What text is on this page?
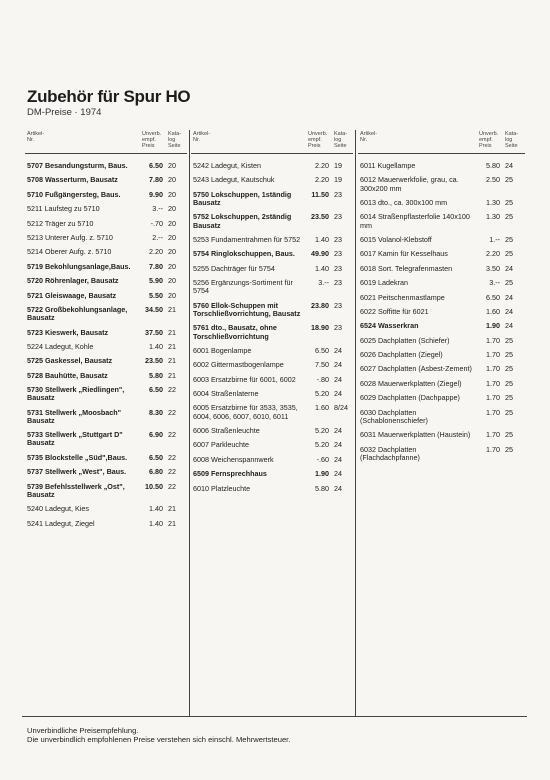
Zubehör für Spur HO
DM-Preise · 1974
Artikel-
Nr.
Unverb.
empf.
Preis
Kata-
log
Seite
5707 Besandungsturm, Baus.	6.50 20
5708 Wasserturm, Bausatz	7.80 20
5710 Fußgängersteg, Baus.	9.90 20
5211 Laufsteg zu 5710	3.-- 20
5212 Träger zu 5710	-.70 20
5213 Unterer Aufg. z. 5710	2.-- 20
5214 Oberer Aufg. z. 5710	2.20 20
5719 Bekohlungsanlage,Baus.	7.80 20
5720 Röhrenlager, Bausatz	5.90 20
5721 Gleiswaage, Bausatz	5.50 20
5722 Großbekohlungsanlage, Bausatz
34.50 21
5723 Kieswerk, Bausatz	37.50 21
5224 Ladegut, Kohle	1.40 21
5725 Gaskessel, Bausatz	23.50 21
5728 Bauhütte, Bausatz	5.80 21
5730 Stellwerk „Riedlingen", Bausatz
6.50 22
5731 Stellwerk „Moosbach" Bausatz
8.30 22
5733 Stellwerk „Stuttgart D" Bausatz
6.90 22
5735 Blockstelle „Süd",Baus.	6.50 22
5737 Stellwerk „West", Baus.	6.80 22
5739 Befehlsstellwerk „Ost", Bausatz
10.50 22
5240 Ladegut, Kies	1.40 21
5241 Ladegut, Ziegel	1.40 21
Artikel-
Nr.
Unverb.
empf.
Preis
Kata-
log
Seite
5242 Ladegut, Kisten	2.20 19
5243 Ladegut, Kautschuk	2.20 19
5750 Lokschuppen, 1ständig Bausatz
11.50 23
5752 Lokschuppen, 2ständig Bausatz
23.50 23
5253 Fundamentrahmen für 5752	1.40 23
5754 Ringlokschuppen, Baus.	49.90 23
5255 Dachträger für 5754	1.40 23
5256 Ergänzungs-Sortiment für 5754
3.-- 23
5760 Ellok-Schuppen mit Torschließvorrichtung, Bausatz
23.80 23
5761 dto., Bausatz, ohne Torschließvorrichtung
18.90 23
6001 Bogenlampe	6.50 24
6002 Gittermastbogenlampe	7.50 24
6003 Ersatzbirne für 6001, 6002	-.80 24
6004 Straßenlaterne	5.20 24
6005 Ersatzbirne für 3533, 3535, 6004, 6006, 6007, 6010, 6011
1.60 8/24
6006 Straßenleuchte	5.20 24
6007 Parkleuchte	5.20 24
6008 Weichenspannwerk	-.60 24
6509 Fernsprechhaus	1.90 24
6010 Platzleuchte	5.80 24
Artikel-
Nr.
Unverb.
empf.
Preis
Kata-
log
Seite
6011 Kugellampe	5.80 24
6012 Mauerwerkfolie, grau, ca. 300x200 mm
2.50 25
6013 dto., ca. 300x100 mm	1.30 25
6014 Straßenpflasterfolie 140x100 mm
1.30 25
6015 Volanol-Klebstoff	1.-- 25
6017 Kamin für Kesselhaus	2.20 25
6018 Sort. Telegrafenmasten	3.50 24
6019 Ladekran	3.-- 25
6021 Peitschenmastlampe	6.50 24
6022 Soffitte für 6021	1.60 24
6524 Wasserkran	1.90 24
6025 Dachplatten (Schiefer)	1.70 25
6026 Dachplatten (Ziegel)	1.70 25
6027 Dachplatten (Asbest-Zement)	1.70 25
6028 Mauerwerkplatten (Ziegel)	1.70 25
6029 Dachplatten (Dachpappe)	1.70 25
6030 Dachplatten (Schablonenschiefer)
1.70 25
6031 Mauerwerkplatten (Haustein)	1.70 25
6032 Dachplatten (Flachdachpfanne)
1.70 25
Unverbindliche Preisempfehlung.
Die unverbindlich empfohlenen Preise verstehen sich einschl. Mehrwertsteuer.
